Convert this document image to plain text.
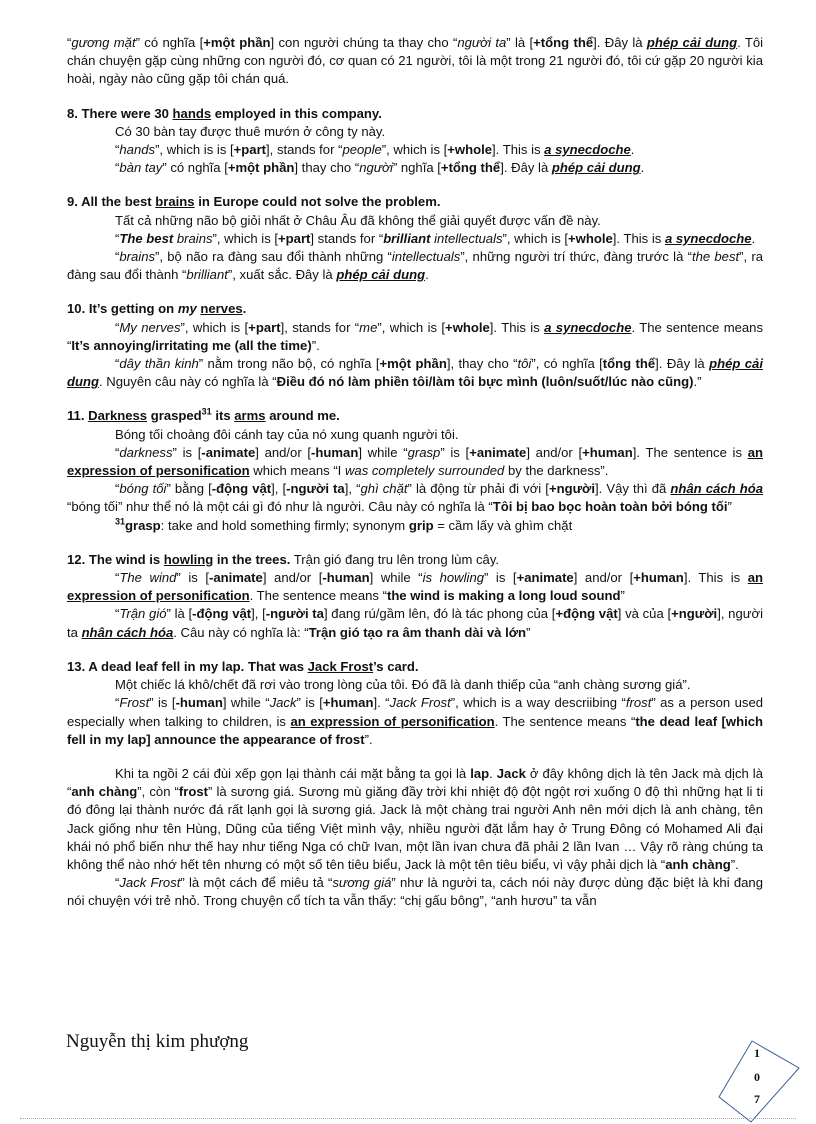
“gương mặt” có nghĩa [+một phần] con người chúng ta thay cho “người ta” là [+tổng thể]. Đây là phép cải dung. Tôi chán chuyện gặp cùng những con người đó, cơ quan có 21 người, tôi là một trong 21 người đó, tôi cứ gặp 20 người kia hoài, ngày nào cũng gặp tôi chán quá.

8. There were 30 hands employed in this company.

Có 30 bàn tay được thuê mướn ở công ty này.

“hands”, which is is [+part], stands for “people”, which is [+whole]. This is a synecdoche.

“bàn tay” có nghĩa [+một phần] thay cho “người” nghĩa [+tổng thể]. Đây là phép cải dung.

9. All the best brains in Europe could not solve the problem.

Tất cả những não bộ giỏi nhất ở Châu Âu đã không thể giải quyết được vấn đề này.

“The best brains”, which is [+part] stands for “brilliant intellectuals”, which is [+whole]. This is a synecdoche.

“brains”, bộ não ra đàng sau đổi thành những “intellectuals”, những người trí thức, đàng trước là “the best”, ra đàng sau đổi thành “brilliant”, xuất sắc. Đây là phép cải dung.

10. It’s getting on my nerves.

“My nerves”, which is [+part], stands for “me”, which is [+whole]. This is a synecdoche. The sentence means “It’s annoying/irritating me (all the time)”.

“dây thần kinh” nằm trong não bộ, có nghĩa [+một phần], thay cho “tôi”, có nghĩa [tổng thể]. Đây là phép cải dung. Nguyên câu này có nghĩa là “Điều đó nó làm phiền tôi/làm tôi bực mình (luôn/suốt/lúc nào cũng).”

11. Darkness grasped$^{31}$ its arms around me.

Bóng tối choàng đôi cánh tay của nó xung quanh người tôi.

“darkness” is [-animate] and/or [-human] while “grasp” is [+animate] and/or [+human]. The sentence is an expression of personification which means “I was completely surrounded by the darkness”.

“bóng tối” bằng [-động vật], [-người ta], “ghì chặt” là động từ phải đi với [+người]. Vậy thì đã nhân cách hóa “bóng tối” như thể nó là một cái gì đó như là người. Câu này có nghĩa là “Tôi bị bao bọc hoàn toàn bởi bóng tối”

$^{31}$grasp: take and hold something firmly; synonym grip = cầm lấy và ghìm chặt

12. The wind is howling in the trees. Trận gió đang tru lên trong lùm cây.

“The wind” is [-animate] and/or [-human] while “is howling” is [+animate] and/or [+human]. This is an expression of personification. The sentence means “the wind is making a long loud sound”

“Trận gió” là [-động vật], [-người ta] đang rú/gầm lên, đó là tác phong của [+động vật] và của [+người], người ta nhân cách hóa. Câu này có nghĩa là: “Trận gió tạo ra âm thanh dài và lớn”

13. A dead leaf fell in my lap. That was Jack Frost’s card.

Một chiếc lá khô/chết đã rơi vào trong lòng của tôi. Đó đã là danh thiếp của “anh chàng sương giá”.

“Frost” is [-human] while “Jack” is [+human]. “Jack Frost”, which is a way descriibing “frost” as a person used especially when talking to children, is an expression of personification. The sentence means “the dead leaf [which fell in my lap] announce the appearance of frost”.

Khi ta ngồi 2 cái đùi xếp gọn lại thành cái mặt bằng ta gọi là lap. Jack ở đây không dịch là tên Jack mà dịch là “anh chàng”, còn “frost” là sương giá. Sương mù giăng đầy trời khi nhiệt độ đột ngột rơi xuống 0 độ thì những hạt li ti đó đông lại thành nước đá rất lạnh gọi là sương giá. Jack là một chàng trai người Anh nên mới dịch là anh chàng, tên Jack giống như tên Hùng, Dũng của tiếng Việt mình vậy, nhiều người đặt lắm hay ở Trung Đông có Mohamed Ali đại khái nó phổ biến như thế hay như tiếng Nga có chữ Ivan, một lần ivan chưa đã phải 2 lần Ivan … Vậy rõ ràng chúng ta không thể nào nhớ hết tên nhưng có một số tên tiêu biểu, Jack là một tên tiêu biểu, vì vậy phải dịch là “anh chàng”.

“Jack Frost” là một cách để miêu tả “sương giá” như là người ta, cách nói này được dùng đặc biệt là khi đang nói chuyện với trẻ nhỏ. Trong chuyện cổ tích ta vẫn thấy: “chị gấu bông”, “anh hươu” ta vẫn

Nguyễn thị kim phượng
1
0
7
